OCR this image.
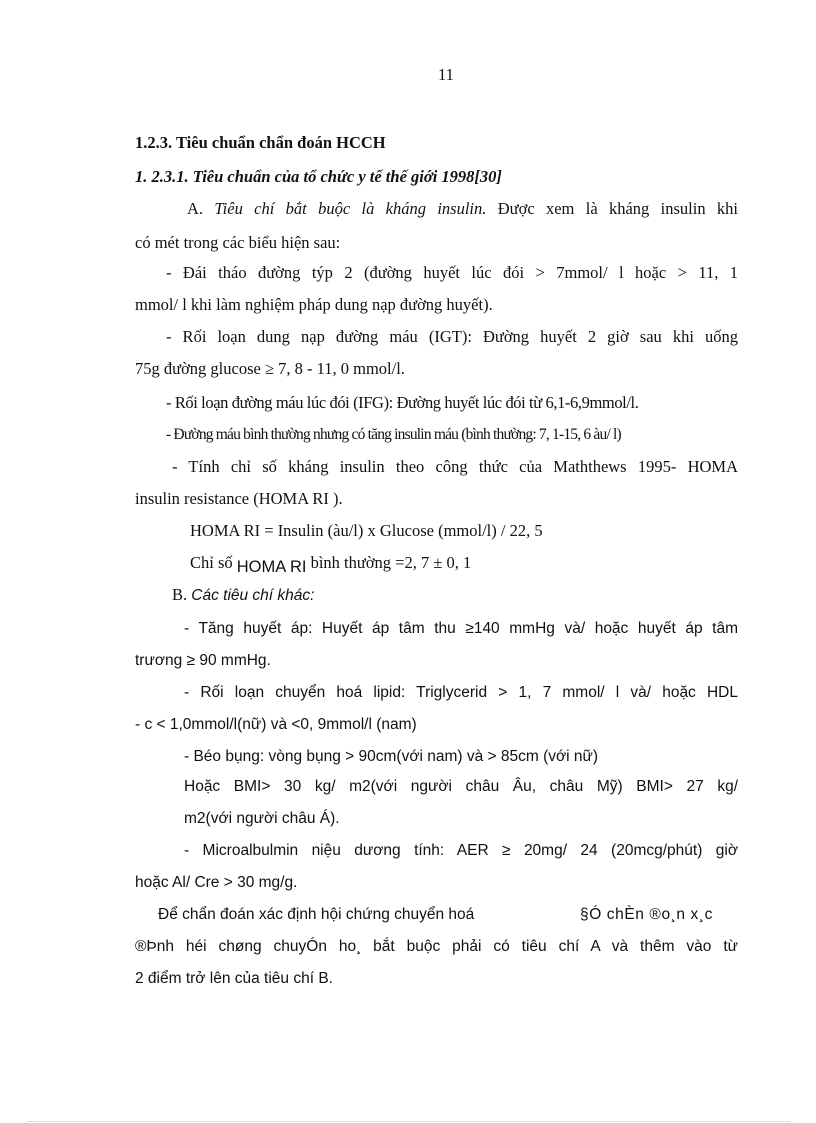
11
1.2.3. Tiêu chuẩn chẩn đoán HCCH
1. 2.3.1. Tiêu chuẩn của tổ chức y tế thế giới 1998[30]
A. Tiêu chí bắt buộc là kháng insulin. Được xem là kháng insulin khi
có mét trong các biểu hiện sau:
- Đái tháo đường týp 2 (đường huyết lúc đói > 7mmol/ l hoặc > 11, 1
mmol/ l khi làm nghiệm pháp dung nạp đường huyết).
- Rối loạn dung nạp đường máu (IGT): Đường huyết 2 giờ sau khi uống
75g đường glucose ≥ 7, 8 - 11, 0 mmol/l.
- Rối loạn đường máu lúc đói (IFG): Đường huyết lúc đói từ 6,1-6,9mmol/l.
- Đường máu bình thường nhưng có tăng insulin máu (bình thường: 7, 1-15, 6 àu/ l)
- Tính chỉ số kháng insulin theo công thức của Maththews 1995- HOMA
insulin resistance (HOMA RI ).
HOMA RI = Insulin (àu/l) x Glucose (mmol/l) / 22, 5
Chỉ số HOMA RI bình thường =2, 7 ± 0, 1
B. Các tiêu chí khác:
- Tăng huyết áp: Huyết áp tâm thu ≥140 mmHg và/ hoặc huyết áp tâm
trương ≥ 90 mmHg.
- Rối loạn chuyển hoá lipid: Triglycerid > 1, 7 mmol/ l và/ hoặc HDL
- c < 1,0mmol/l(nữ) và <0, 9mmol/l (nam)
- Béo bụng: vòng bụng > 90cm(với nam) và > 85cm (với nữ)
Hoặc BMI> 30 kg/ m2(với người châu Âu, châu Mỹ) BMI> 27 kg/
m2(với người châu Á).
- Microalbulmin niệu dương tính: AER ≥ 20mg/ 24 (20mcg/phút) giờ
hoặc Al/ Cre > 30 mg/g.
Để chẩn đoán xác định hội chứng chuyển hoá	§Ó chÈn ®o¸n x¸c
®Þnh héi chøng chuyÓn ho¸ bắt buộc phải có tiêu chí A và thêm vào từ
2 điểm trở lên của tiêu chí B.
